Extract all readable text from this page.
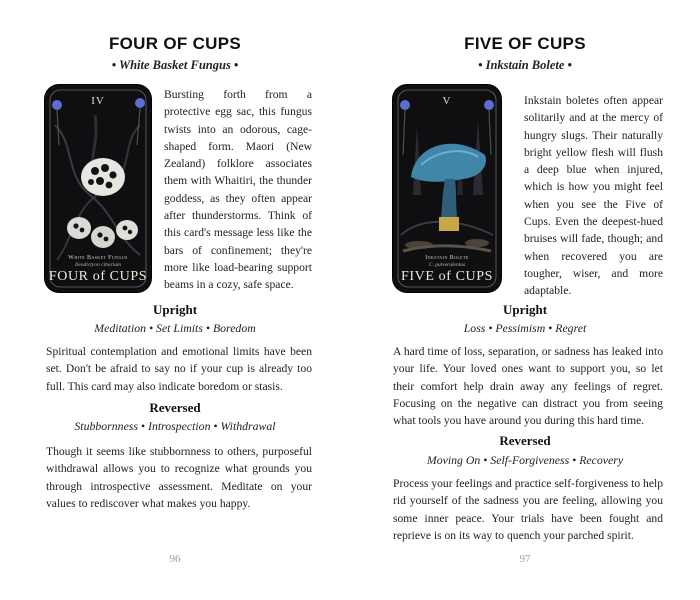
FOUR OF CUPS
• White Basket Fungus •
IV
White Basket Fungus
Ileodictyon cibarium
FOUR of CUPS
Bursting forth from a protective egg sac, this fungus twists into an odorous, cage-shaped form. Maori (New Zealand) folklore associates them with Whaitiri, the thunder goddess, as they often appear after thunderstorms. Think of this card's message less like the bars of confinement; they're more like load-bearing support beams in a cozy, safe space.
Upright
Meditation • Set Limits • Boredom
Spiritual contemplation and emotional limits have been set. Don't be afraid to say no if your cup is already too full. This card may also indicate boredom or stasis.
Reversed
Stubbornness • Introspection • Withdrawal
Though it seems like stubbornness to others, purposeful withdrawal allows you to recognize what grounds you through introspective assessment. Meditate on your values to rediscover what makes you happy.
96
FIVE OF CUPS
• Inkstain Bolete •
V
Inkstain Bolete
C. pulverulentus
FIVE of CUPS
Inkstain boletes often appear solitarily and at the mercy of hungry slugs. Their naturally bright yellow flesh will flush a deep blue when injured, which is how you might feel when you see the Five of Cups. Even the deepest-hued bruises will fade, though; and when recovered you are tougher, wiser, and more adaptable.
Upright
Loss • Pessimism • Regret
A hard time of loss, separation, or sadness has leaked into your life. Your loved ones want to support you, so let their comfort help drain away any feelings of regret. Focusing on the negative can distract you from seeing what tools you have around you during this hard time.
Reversed
Moving On • Self-Forgiveness • Recovery
Process your feelings and practice self-forgiveness to help rid yourself of the sadness you are feeling, allowing you some inner peace. Your trials have been fought and reprieve is on its way to quench your parched spirit.
97
